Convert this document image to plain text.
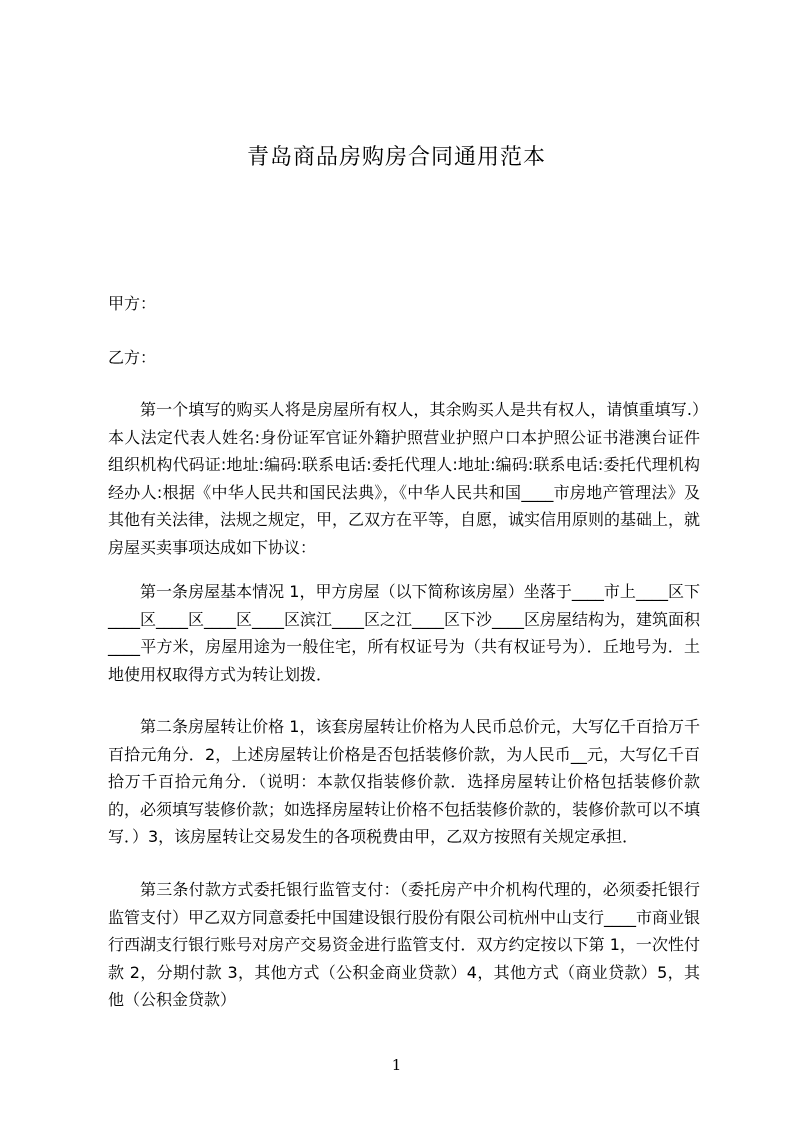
青岛商品房购房合同通用范本
甲方：
乙方：

第一个填写的购买人将是房屋所有权人，其余购买人是共有权人，请慎重填写.）本人法定代表人姓名:身份证军官证外籍护照营业护照户口本护照公证书港澳台证件组织机构代码证:地址:编码:联系电话:委托代理人:地址:编码:联系电话:委托代理机构经办人:根据《中华人民共和国民法典》，《中华人民共和国____市房地产管理法》及其他有关法律，法规之规定，甲，乙双方在平等，自愿，诚实信用原则的基础上，就房屋买卖事项达成如下协议：

第一条房屋基本情况 1，甲方房屋（以下简称该房屋）坐落于____市上____区下____区____区____区____区滨江____区之江____区下沙____区房屋结构为，建筑面积____平方米，房屋用途为一般住宅，所有权证号为（共有权证号为）．丘地号为．土地使用权取得方式为转让划拨．

第二条房屋转让价格 1，该套房屋转让价格为人民币总价元，大写亿千百拾万千百拾元角分．2，上述房屋转让价格是否包括装修价款，为人民币__元，大写亿千百拾万千百拾元角分．（说明：本款仅指装修价款．选择房屋转让价格包括装修价款的，必须填写装修价款；如选择房屋转让价格不包括装修价款的，装修价款可以不填写．）3，该房屋转让交易发生的各项税费由甲，乙双方按照有关规定承担．

第三条付款方式委托银行监管支付：（委托房产中介机构代理的，必须委托银行监管支付）甲乙双方同意委托中国建设银行股份有限公司杭州中山支行____市商业银行西湖支行银行账号对房产交易资金进行监管支付．双方约定按以下第 1，一次性付款 2，分期付款 3，其他方式（公积金商业贷款）4，其他方式（商业贷款）5，其他（公积金贷款）

1
